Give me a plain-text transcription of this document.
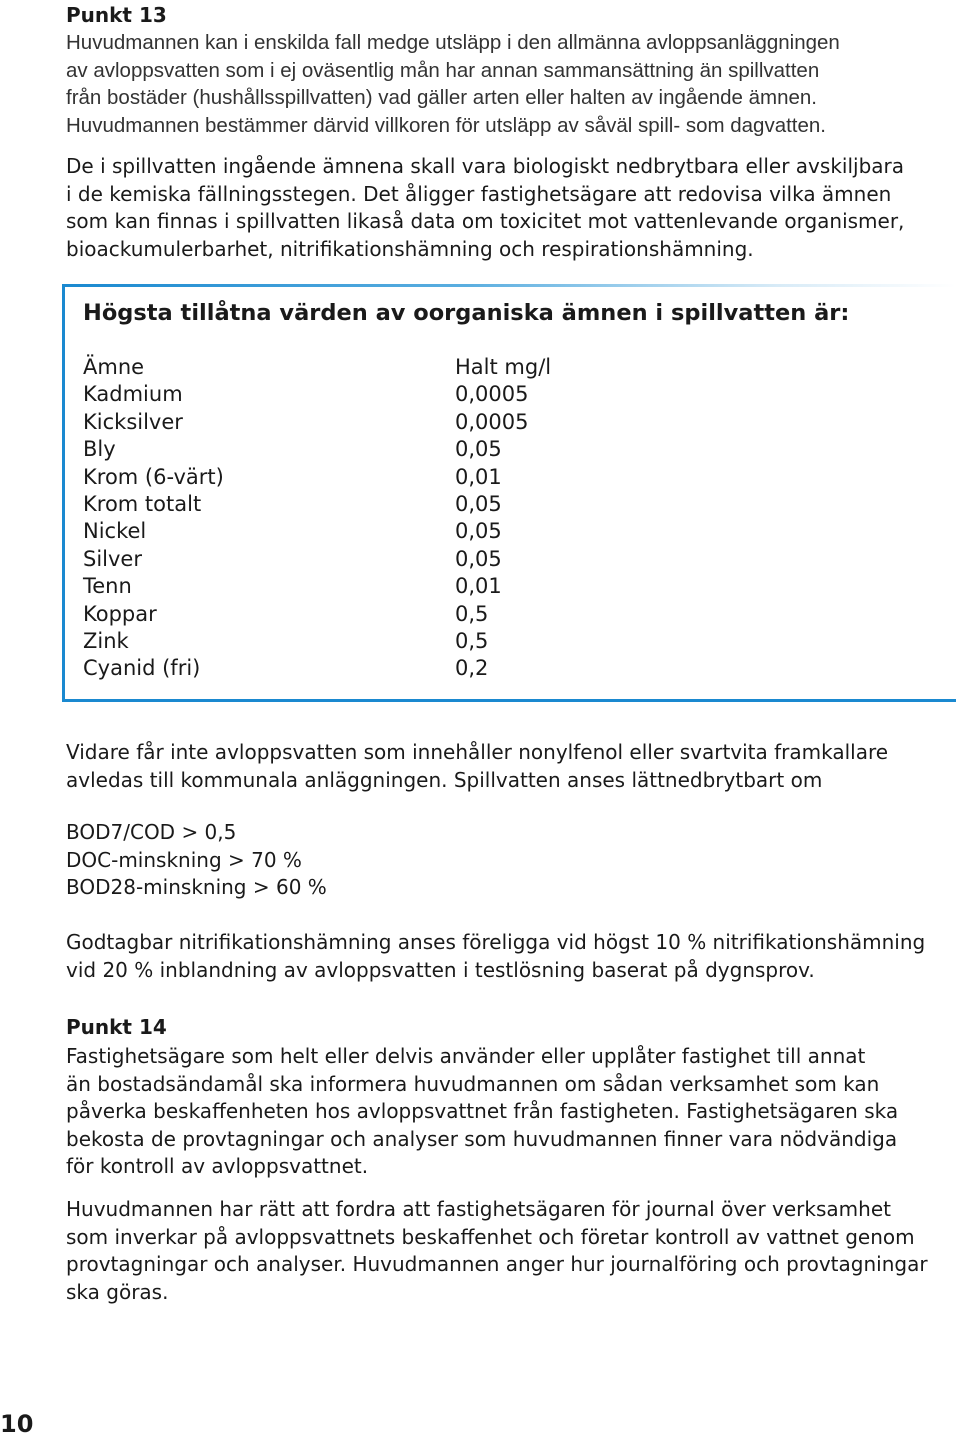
Punkt 13
Huvudmannen kan i enskilda fall medge utsläpp i den allmänna avloppsanläggningen
av avloppsvatten som i ej oväsentlig mån har annan sammansättning än spillvatten
från bostäder (hushållsspillvatten) vad gäller arten eller halten av ingående ämnen.
Huvudmannen bestämmer därvid villkoren för utsläpp av såväl spill- som dagvatten.
De i spillvatten ingående ämnena skall vara biologiskt nedbrytbara eller avskiljbara
i de kemiska fällningsstegen. Det åligger fastighetsägare att redovisa vilka ämnen
som kan finnas i spillvatten likaså data om toxicitet mot vattenlevande organismer,
bioackumulerbarhet, nitrifikationshämning och respirationshämning.
Vidare får inte avloppsvatten som innehåller nonylfenol eller svartvita framkallare
avledas till kommunala anläggningen. Spillvatten anses lättnedbrytbart om
BOD7/COD > 0,5
DOC-minskning > 70 %
BOD28-minskning > 60 %
Godtagbar nitrifikationshämning anses föreligga vid högst 10 % nitrifikationshämning
vid 20 % inblandning av avloppsvatten i testlösning baserat på dygnsprov.
Punkt 14
Fastighetsägare som helt eller delvis använder eller upplåter fastighet till annat
än bostadsändamål ska informera huvudmannen om sådan verksamhet som kan
påverka beskaffenheten hos avloppsvattnet från fastigheten. Fastighetsägaren ska
bekosta de provtagningar och analyser som huvudmannen finner vara nödvändiga
för kontroll av avloppsvattnet.
Huvudmannen har rätt att fordra att fastighetsägaren för journal över verksamhet
som inverkar på avloppsvattnets beskaffenhet och företar kontroll av vattnet genom
provtagningar och analyser. Huvudmannen anger hur journalföring och provtagningar
ska göras.
Högsta tillåtna värden av oorganiska ämnen i spillvatten är:
Ämne	Halt mg/l
Kadmium	0,0005
Kicksilver	0,0005
Bly	0,05
Krom (6-värt)	0,01
Krom totalt	0,05
Nickel	0,05
Silver	0,05
Tenn	0,01
Koppar	0,5
Zink	0,5
Cyanid (fri)	0,2
10
